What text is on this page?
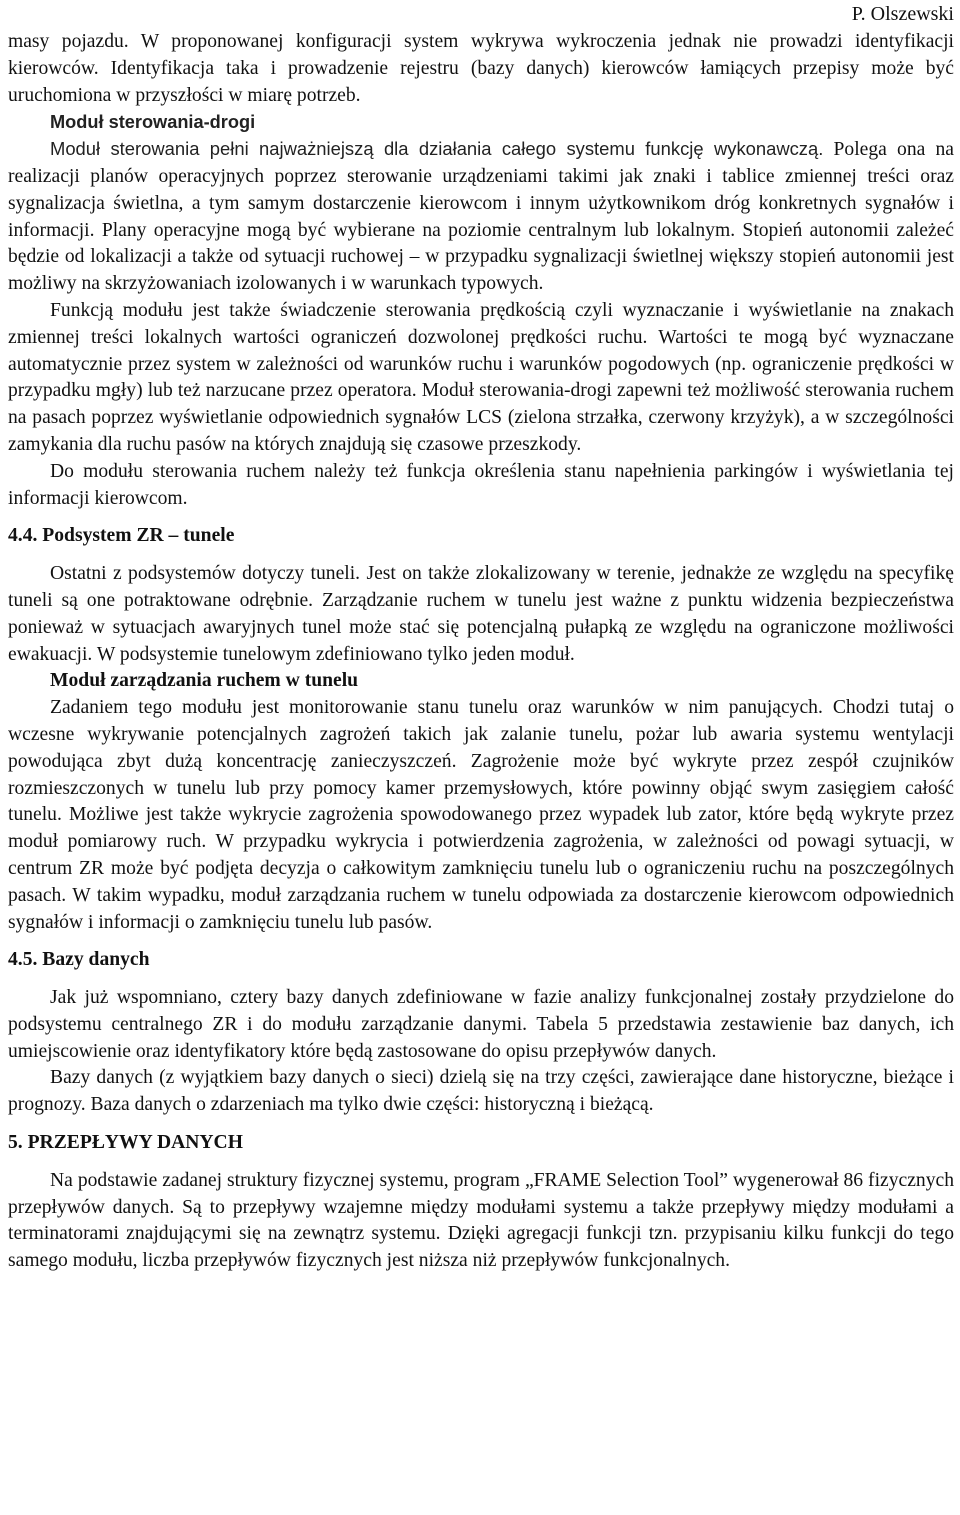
P. Olszewski

masy pojazdu. W proponowanej konfiguracji system wykrywa wykroczenia jednak nie prowadzi identyfikacji kierowców. Identyfikacja taka i prowadzenie rejestru (bazy danych) kierowców łamiących przepisy może być uruchomiona w przyszłości w miarę potrzeb.

Moduł sterowania-drogi

Moduł sterowania pełni najważniejszą dla działania całego systemu funkcję wykonawczą. Polega ona na realizacji planów operacyjnych poprzez sterowanie urządzeniami takimi jak znaki i tablice zmiennej treści oraz sygnalizacja świetlna, a tym samym dostarczenie kierowcom i innym użytkownikom dróg konkretnych sygnałów i informacji. Plany operacyjne mogą być wybierane na poziomie centralnym lub lokalnym. Stopień autonomii zależeć będzie od lokalizacji a także od sytuacji ruchowej – w przypadku sygnalizacji świetlnej większy stopień autonomii jest możliwy na skrzyżowaniach izolowanych i w warunkach typowych.

Funkcją modułu jest także świadczenie sterowania prędkością czyli wyznaczanie i wyświetlanie na znakach zmiennej treści lokalnych wartości ograniczeń dozwolonej prędkości ruchu. Wartości te mogą być wyznaczane automatycznie przez system w zależności od warunków ruchu i warunków pogodowych (np. ograniczenie prędkości w przypadku mgły) lub też narzucane przez operatora. Moduł sterowania-drogi zapewni też możliwość sterowania ruchem na pasach poprzez wyświetlanie odpowiednich sygnałów LCS (zielona strzałka, czerwony krzyżyk), a w szczególności zamykania dla ruchu pasów na których znajdują się czasowe przeszkody.

Do modułu sterowania ruchem należy też funkcja określenia stanu napełnienia parkingów i wyświetlania tej informacji kierowcom.

4.4. Podsystem ZR – tunele

Ostatni z podsystemów dotyczy tuneli. Jest on także zlokalizowany w terenie, jednakże ze względu na specyfikę tuneli są one potraktowane odrębnie. Zarządzanie ruchem w tunelu jest ważne z punktu widzenia bezpieczeństwa ponieważ w sytuacjach awaryjnych tunel może stać się potencjalną pułapką ze względu na ograniczone możliwości ewakuacji. W podsystemie tunelowym zdefiniowano tylko jeden moduł.

Moduł zarządzania ruchem w tunelu

Zadaniem tego modułu jest monitorowanie stanu tunelu oraz warunków w nim panujących. Chodzi tutaj o wczesne wykrywanie potencjalnych zagrożeń takich jak zalanie tunelu, pożar lub awaria systemu wentylacji powodująca zbyt dużą koncentrację zanieczyszczeń. Zagrożenie może być wykryte przez zespół czujników rozmieszczonych w tunelu lub przy pomocy kamer przemysłowych, które powinny objąć swym zasięgiem całość tunelu. Możliwe jest także wykrycie zagrożenia spowodowanego przez wypadek lub zator, które będą wykryte przez moduł pomiarowy ruch. W przypadku wykrycia i potwierdzenia zagrożenia, w zależności od powagi sytuacji, w centrum ZR może być podjęta decyzja o całkowitym zamknięciu tunelu lub o ograniczeniu ruchu na poszczególnych pasach. W takim wypadku, moduł zarządzania ruchem w tunelu odpowiada za dostarczenie kierowcom odpowiednich sygnałów i informacji o zamknięciu tunelu lub pasów.

4.5. Bazy danych

Jak już wspomniano, cztery bazy danych zdefiniowane w fazie analizy funkcjonalnej zostały przydzielone do podsystemu centralnego ZR i do modułu zarządzanie danymi. Tabela 5 przedstawia zestawienie baz danych, ich umiejscowienie oraz identyfikatory które będą zastosowane do opisu przepływów danych.

Bazy danych (z wyjątkiem bazy danych o sieci) dzielą się na trzy części, zawierające dane historyczne, bieżące i prognozy. Baza danych o zdarzeniach ma tylko dwie części: historyczną i bieżącą.

5. PRZEPŁYWY DANYCH

Na podstawie zadanej struktury fizycznej systemu, program „FRAME Selection Tool” wygenerował 86 fizycznych przepływów danych. Są to przepływy wzajemne między modułami systemu a także przepływy między modułami a terminatorami znajdującymi się na zewnątrz systemu. Dzięki agregacji funkcji tzn. przypisaniu kilku funkcji do tego samego modułu, liczba przepływów fizycznych jest niższa niż przepływów funkcjonalnych.
